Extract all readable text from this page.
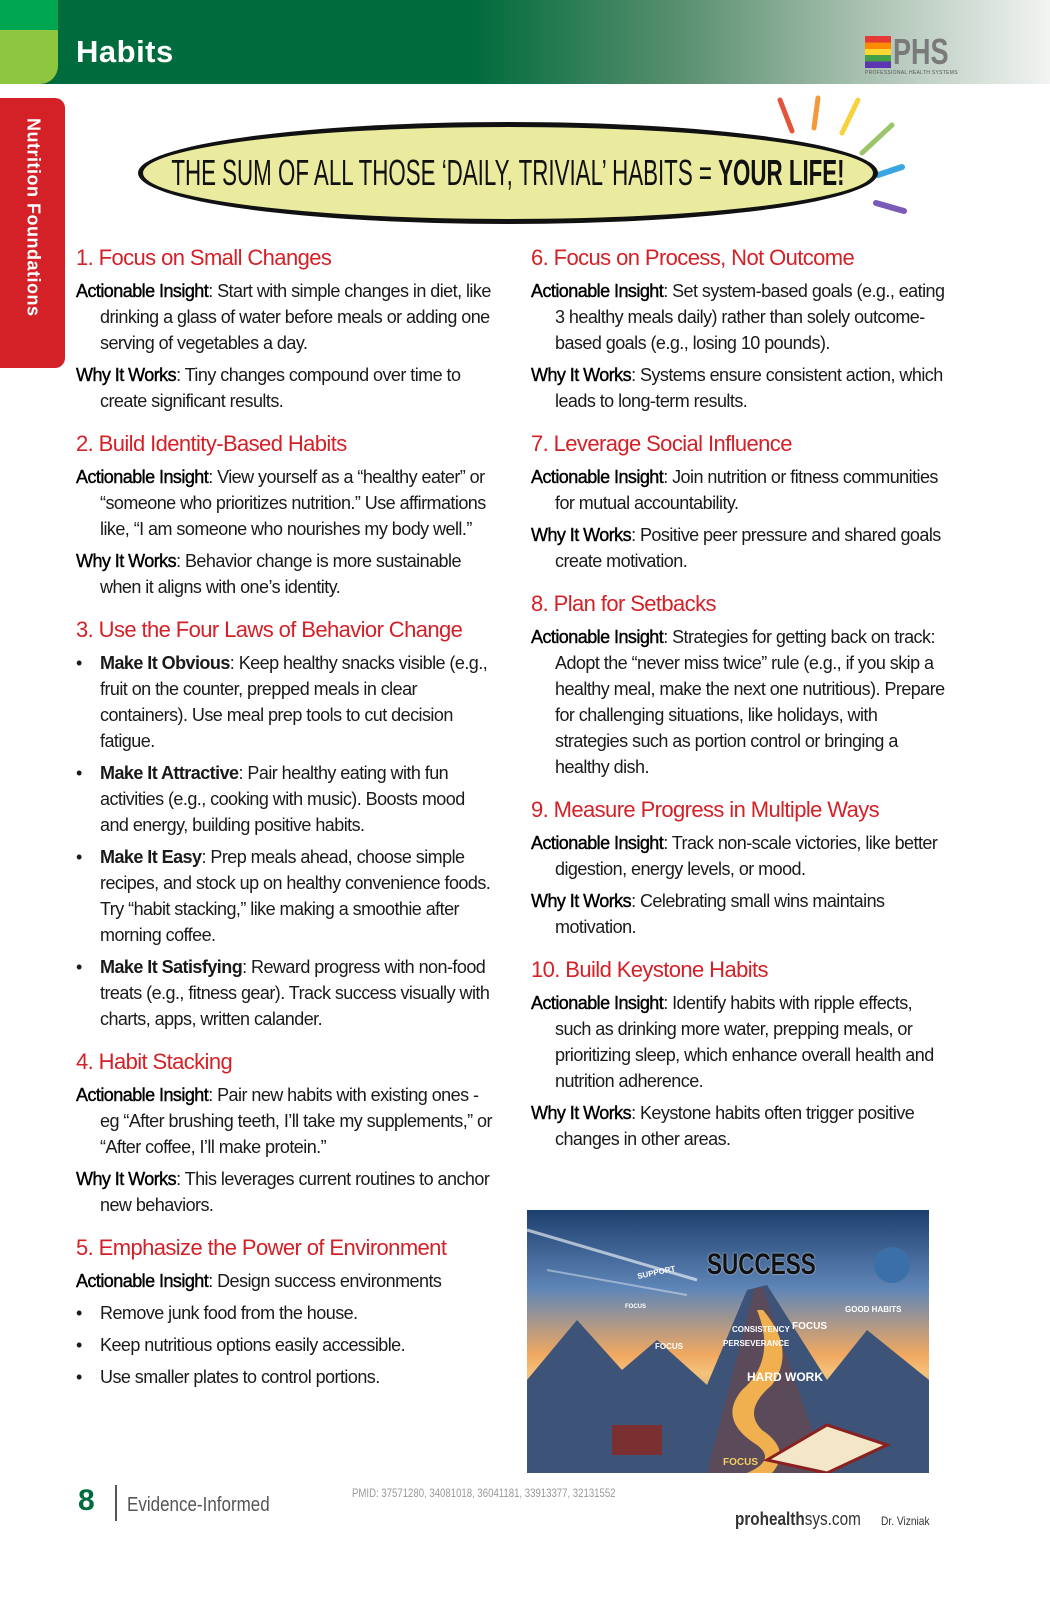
Habits	PHS
PROFESSIONAL HEALTH SYSTEMS
Nutrition Foundations	THE SUM OF ALL THOSE ‘DAILY, TRIVIAL’ HABITS = YOUR LIFE!
1. Focus on Small Changes
Actionable Insight: Start with simple changes in diet, like drinking a glass of water before meals or adding one serving of vegetables a day.
Why It Works: Tiny changes compound over time to create significant results.
2. Build Identity-Based Habits
Actionable Insight: View yourself as a “healthy eater” or “someone who prioritizes nutrition.” Use affirmations like, “I am someone who nourishes my body well.”
Why It Works: Behavior change is more sustainable when it aligns with one’s identity.
3. Use the Four Laws of Behavior Change
• Make It Obvious: Keep healthy snacks visible (e.g., fruit on the counter, prepped meals in clear containers). Use meal prep tools to cut decision fatigue.
• Make It Attractive: Pair healthy eating with fun activities (e.g., cooking with music). Boosts mood and energy, building positive habits.
• Make It Easy: Prep meals ahead, choose simple recipes, and stock up on healthy convenience foods. Try “habit stacking,” like making a smoothie after morning coffee.
• Make It Satisfying: Reward progress with non-food treats (e.g., fitness gear). Track success visually with charts, apps, written calander.
4. Habit Stacking
Actionable Insight: Pair new habits with existing ones - eg “After brushing teeth, I’ll take my supplements,” or “After coffee, I’ll make protein.”
Why It Works: This leverages current routines to anchor new behaviors.
5. Emphasize the Power of Environment
Actionable Insight: Design success environments
• Remove junk food from the house.
• Keep nutritious options easily accessible.
• Use smaller plates to control portions.
6. Focus on Process, Not Outcome
Actionable Insight: Set system-based goals (e.g., eating 3 healthy meals daily) rather than solely outcome-based goals (e.g., losing 10 pounds).
Why It Works: Systems ensure consistent action, which leads to long-term results.
7. Leverage Social Influence
Actionable Insight: Join nutrition or fitness communities for mutual accountability.
Why It Works: Positive peer pressure and shared goals create motivation.
8. Plan for Setbacks
Actionable Insight: Strategies for getting back on track: Adopt the “never miss twice” rule (e.g., if you skip a healthy meal, make the next one nutritious). Prepare for challenging situations, like holidays, with strategies such as portion control or bringing a healthy dish.
9. Measure Progress in Multiple Ways
Actionable Insight: Track non-scale victories, like better digestion, energy levels, or mood.
Why It Works: Celebrating small wins maintains motivation.
10. Build Keystone Habits
Actionable Insight: Identify habits with ripple effects, such as drinking more water, prepping meals, or prioritizing sleep, which enhance overall health and nutrition adherence.
Why It Works: Keystone habits often trigger positive changes in other areas.
SUCCESS
SUPPORT
FOCUS	GOOD HABITS
FOCUS
CONSISTENCY
PERSEVERANCE
FOCUS
HARD WORK
FOCUS
8 Evidence-Informed
PMID: 37571280, 34081018, 36041181, 33913377, 32131552
prohealthsys.com Dr. Vizniak
